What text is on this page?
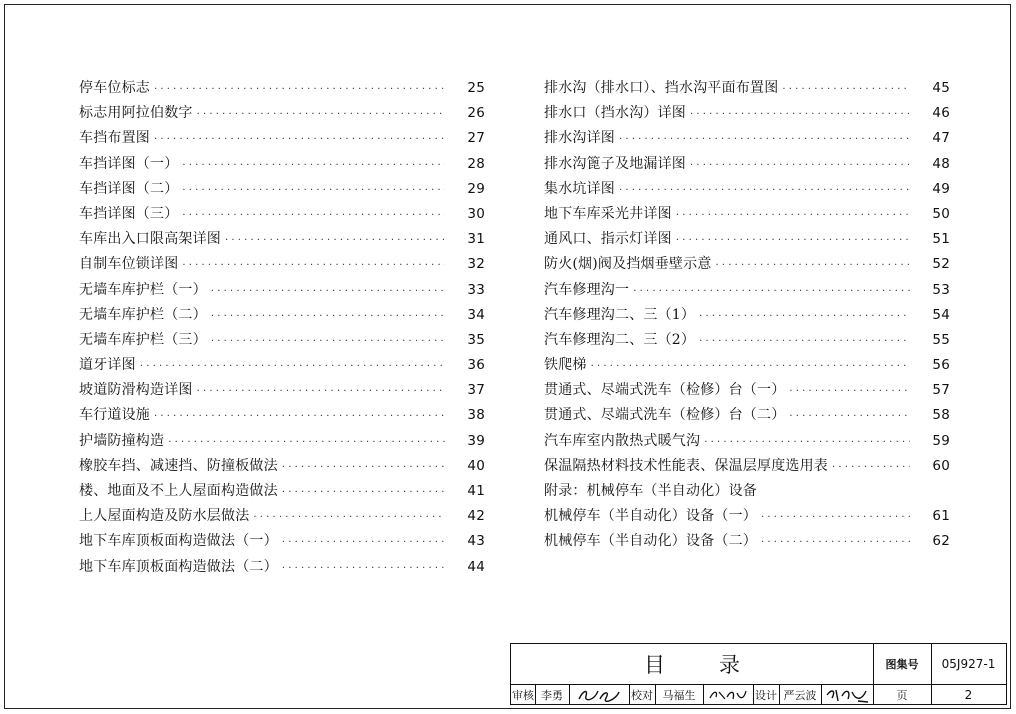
停车位标志 ·····	25
标志用阿拉伯数字 ·····	26
车挡布置图 ·····	27
车挡详图（一） ·····	28
车挡详图（二） ·····	29
车挡详图（三） ·····	30
车库出入口限高架详图 ·····	31
自制车位锁详图 ·····	32
无墙车库护栏（一） ·····	33
无墙车库护栏（二） ·····	34
无墙车库护栏（三） ·····	35
道牙详图 ·····	36
坡道防滑构造详图 ·····	37
车行道设施 ·····	38
护墙防撞构造 ·····	39
橡胶车挡、减速挡、防撞板做法 ·····	40
楼、地面及不上人屋面构造做法 ·····	41
上人屋面构造及防水层做法 ·····	42
地下车库顶板面构造做法（一） ·····	43
地下车库顶板面构造做法（二） ·····	44
排水沟（排水口）、挡水沟平面布置图 ·····	45
排水口（挡水沟）详图 ·····	46
排水沟详图 ·····	47
排水沟篦子及地漏详图 ·····	48
集水坑详图 ·····	49
地下车库采光井详图 ·····	50
通风口、指示灯详图 ·····	51
防火(烟)阀及挡烟垂壁示意 ·····	52
汽车修理沟一 ·····	53
汽车修理沟二、三（1） ·····	54
汽车修理沟二、三（2） ·····	55
铁爬梯 ·····	56
贯通式、尽端式洗车（检修）台（一） ·····	57
贯通式、尽端式洗车（检修）台（二） ·····	58
汽车库室内散热式暖气沟 ·····	59
保温隔热材料技术性能表、保温层厚度选用表 ·····	60
附录：机械停车（半自动化）设备
机械停车（半自动化）设备（一） ·····	61
机械停车（半自动化）设备（二） ·····	62
目录	图集号	05J927-1
页	2
审核 李勇	校对 马福生	设计 严云波
